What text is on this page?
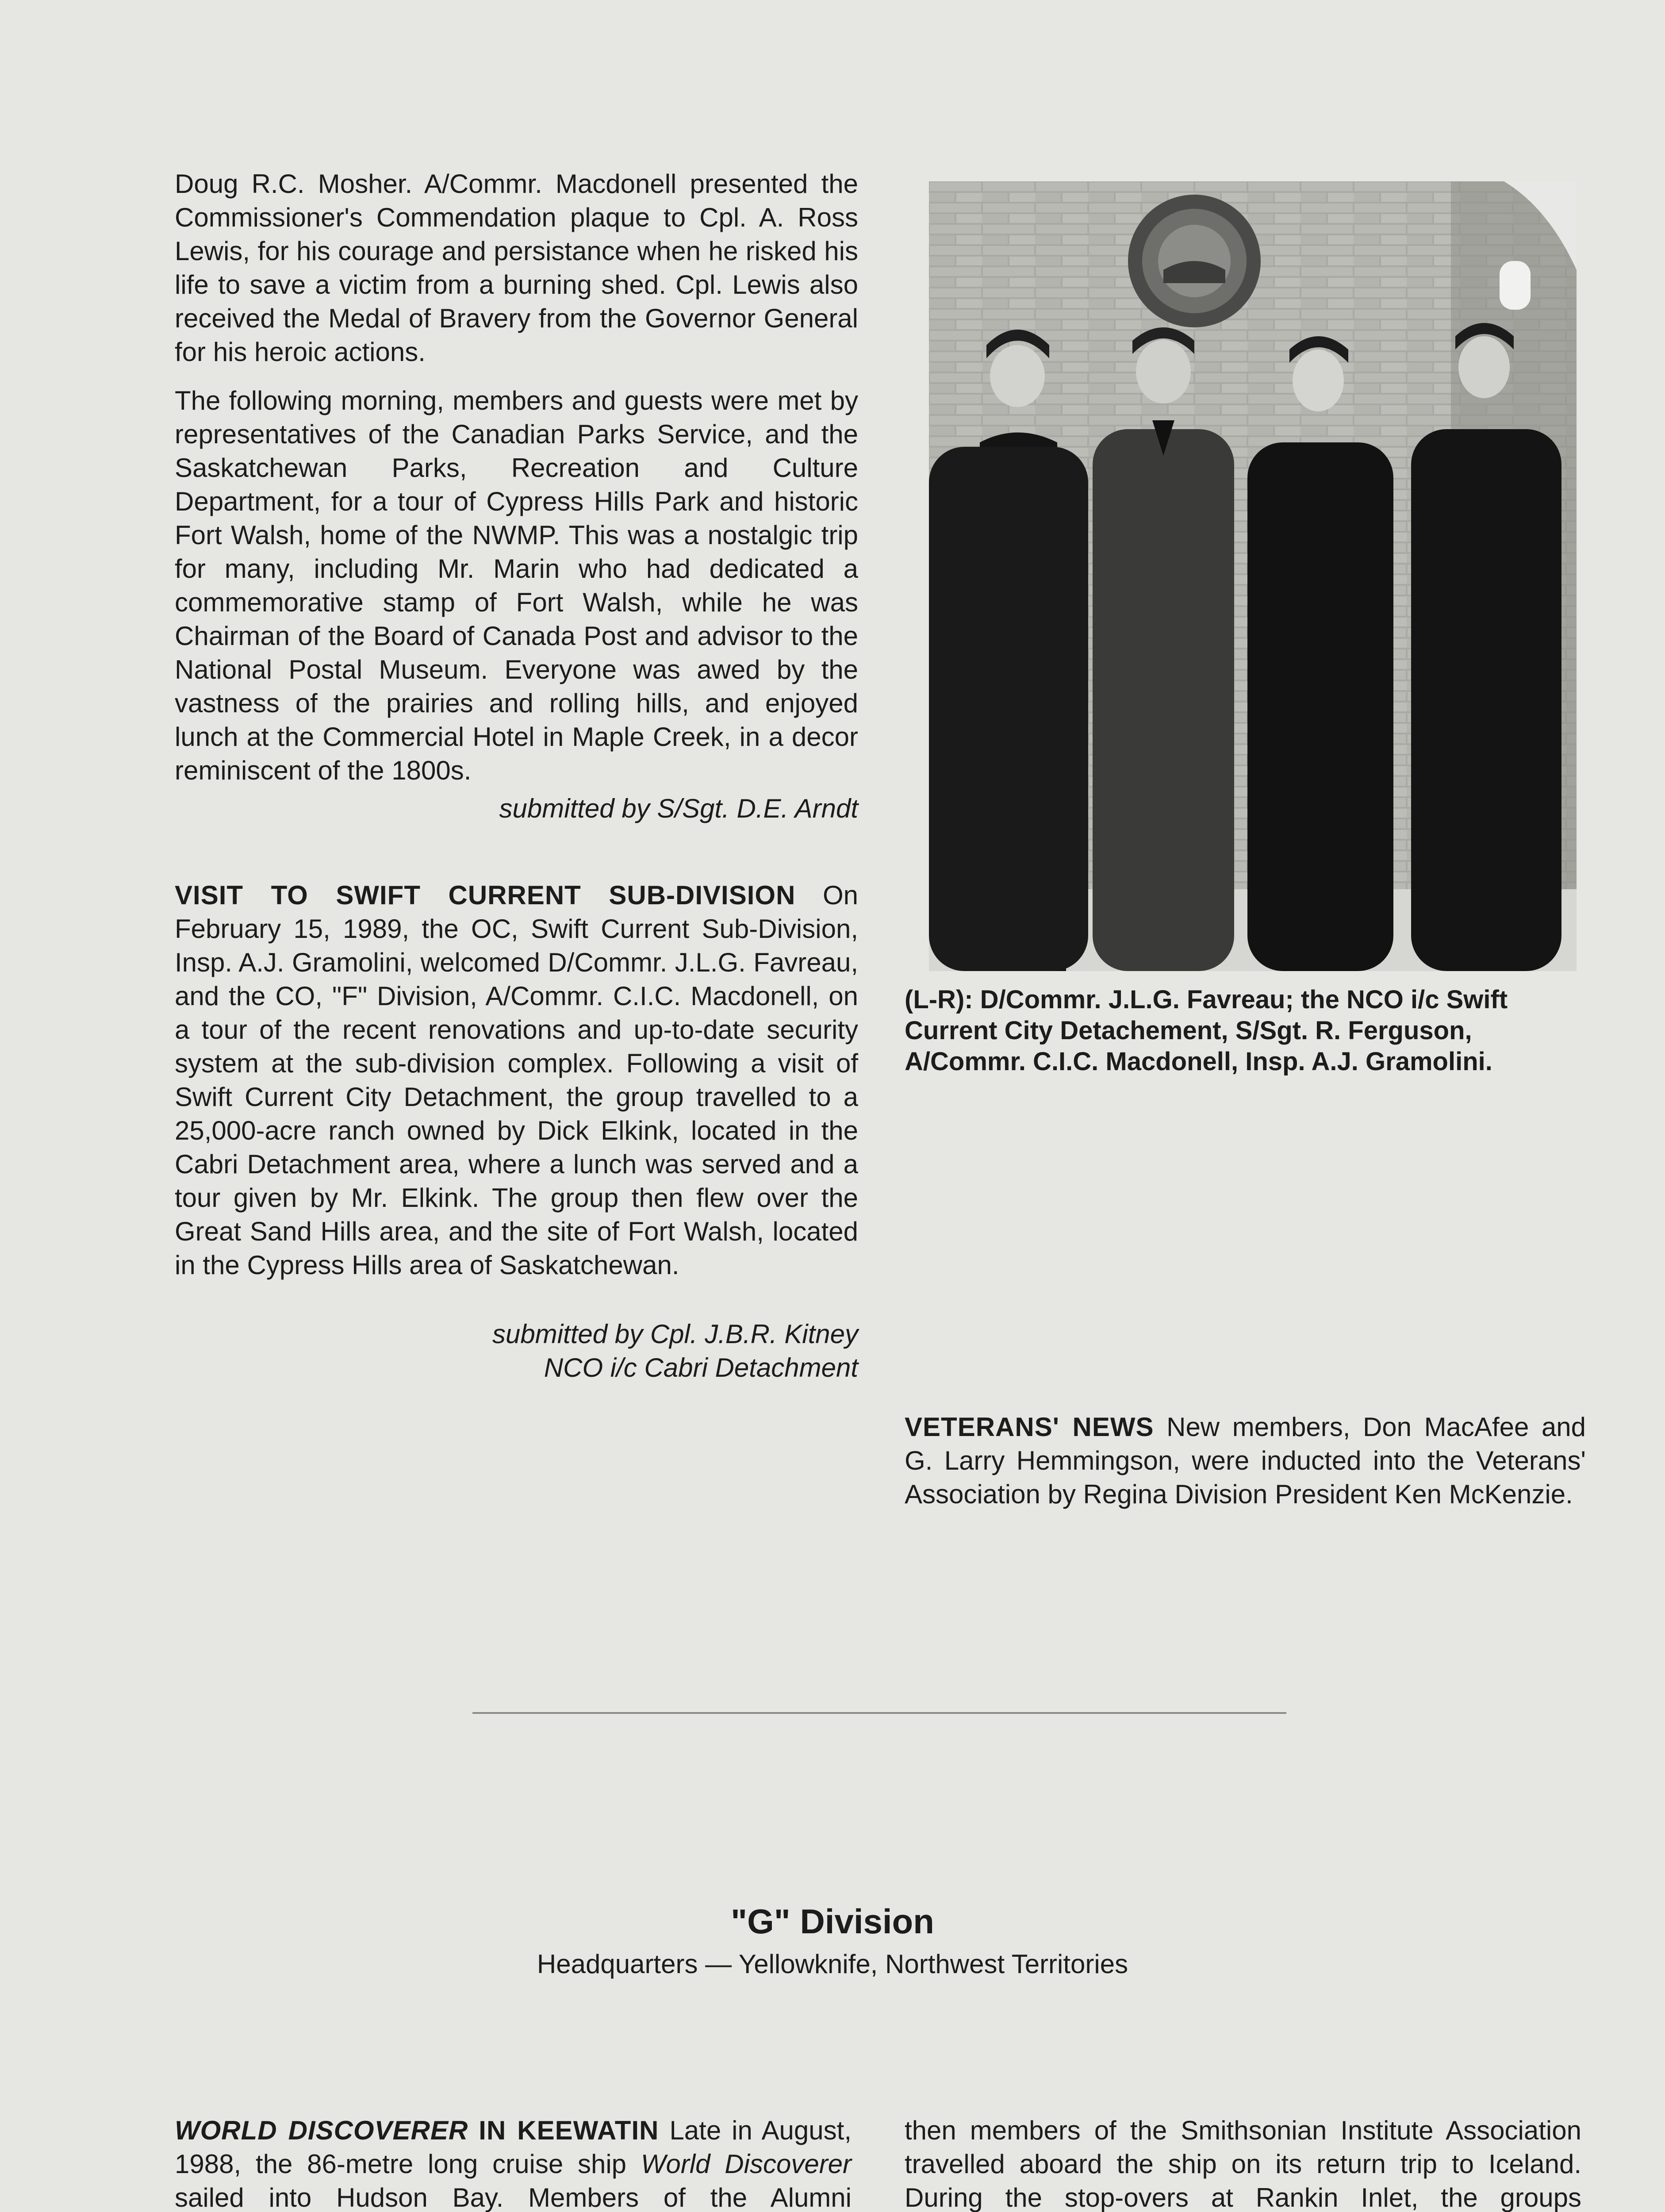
Doug R.C. Mosher. A/Commr. Macdonell presented the Commissioner's Commendation plaque to Cpl. A. Ross Lewis, for his courage and persistance when he risked his life to save a victim from a burning shed. Cpl. Lewis also received the Medal of Bravery from the Governor General for his heroic actions.

The following morning, members and guests were met by representatives of the Canadian Parks Service, and the Saskatchewan Parks, Recreation and Culture Department, for a tour of Cypress Hills Park and historic Fort Walsh, home of the NWMP. This was a nostalgic trip for many, including Mr. Marin who had dedicated a commemorative stamp of Fort Walsh, while he was Chairman of the Board of Canada Post and advisor to the National Postal Museum. Everyone was awed by the vastness of the prairies and rolling hills, and enjoyed lunch at the Commercial Hotel in Maple Creek, in a decor reminiscent of the 1800s.

submitted by S/Sgt. D.E. Arndt

VISIT TO SWIFT CURRENT SUB-DIVISION On February 15, 1989, the OC, Swift Current Sub-Division, Insp. A.J. Gramolini, welcomed D/Commr. J.L.G. Favreau, and the CO, "F" Division, A/Commr. C.I.C. Macdonell, on a tour of the recent renovations and up-to-date security system at the sub-division complex. Following a visit of Swift Current City Detachment, the group travelled to a 25,000-acre ranch owned by Dick Elkink, located in the Cabri Detachment area, where a lunch was served and a tour given by Mr. Elkink. The group then flew over the Great Sand Hills area, and the site of Fort Walsh, located in the Cypress Hills area of Saskatchewan.

submitted by Cpl. J.B.R. Kitney
NCO i/c Cabri Detachment
(L-R): D/Commr. J.L.G. Favreau; the NCO i/c Swift Current City Detachement, S/Sgt. R. Ferguson, A/Commr. C.I.C. Macdonell, Insp. A.J. Gramolini.

VETERANS' NEWS New members, Don MacAfee and G. Larry Hemmingson, were inducted into the Veterans' Association by Regina Division President Ken McKenzie.

"G" Division
Headquarters — Yellowknife, Northwest Territories

WORLD DISCOVERER IN KEEWATIN Late in August, 1988, the 86-metre long cruise ship World Discoverer sailed into Hudson Bay. Members of the Alumni

then members of the Smithsonian Institute Association travelled aboard the ship on its return trip to Iceland. During the stop-overs at Rankin Inlet, the groups
